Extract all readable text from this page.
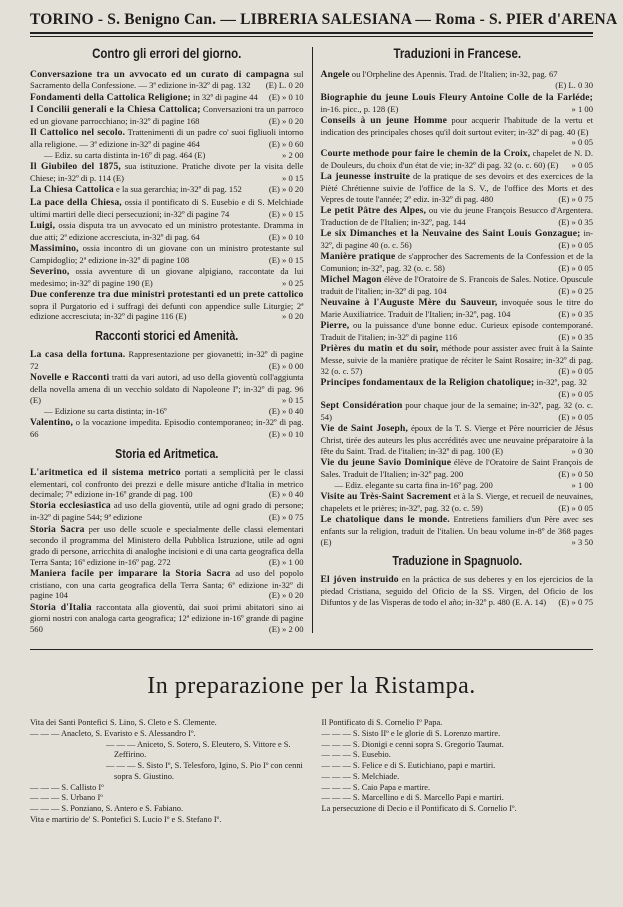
TORINO - S. Benigno Can. — LIBRERIA SALESIANA — Roma - S. PIER d'ARENA
Contro gli errori del giorno.
Conversazione tra un avvocato ed un curato di campagna sul Sacramento della Confessione. — 3ª edizione in-32º di pag. 132	(E) L. 0 20
Fondamenti della Cattolica Religione; in 32º di pagine 44	(E) » 0 10
I Concilii generali e la Chiesa Cattolica; Conversazioni tra un parroco ed un giovane parrocchiano; in-32º di pagine 168	(E) » 0 20
Il Cattolico nel secolo. Trattenimenti di un padre co' suoi figliuoli intorno alla religione. — 3ª edizione in-32º di pagine 464	(E) » 0 60
— Ediz. su carta distinta in-16º di pag. 464 (E)	» 2 00
Il Giubileo del 1875, sua istituzione. Pratiche divote per la visita delle Chiese; in-32º di p. 114 (E)	» 0 15
La Chiesa Cattolica e la sua gerarchia; in-32º di pag. 152	(E) » 0 20
La pace della Chiesa, ossia il pontificato di S. Eusebio e di S. Melchiade ultimi martiri delle dieci persecuzioni; in-32º di pagine 74	(E) » 0 15
Luigi, ossia disputa tra un avvocato ed un ministro protestante. Dramma in due atti; 2ª edizione accresciuta, in-32º di pag. 64	(E) » 0 10
Massimino, ossia incontro di un giovane con un ministro protestante sul Campidoglio; 2ª edizione in-32º di pagine 108	(E) » 0 15
Severino, ossia avventure di un giovane alpigiano, raccontate da lui medesimo; in-32º di pagine 190 (E)	» 0 25
Due conferenze tra due ministri protestanti ed un prete cattolico sopra il Purgatorio ed i suffragi dei defunti con appendice sulle Liturgie; 2ª edizione accresciuta; in-32º di pagine 116 (E)	» 0 20
Racconti storici ed Amenità.
La casa della fortuna. Rappresentazione per giovanetti; in-32º di pagine 72	(E) » 0 00
Novelle e Racconti tratti da vari autori, ad uso della gioventù coll'aggiunta della novella amena di un vecchio soldato di Napoleone Iº; in-32º di pag. 96 (E)	» 0 15
— Edizione su carta distinta; in-16º	(E) » 0 40
Valentino, o la vocazione impedita. Episodio contemporaneo; in-32º di pag. 66	(E) » 0 10
Storia ed Aritmetica.
L'aritmetica ed il sistema metrico portati a semplicità per le classi elementari, col confronto dei prezzi e delle misure antiche d'Italia in metrico decimale; 7ª edizione in-16º grande di pag. 100	(E) » 0 40
Storia ecclesiastica ad uso della gioventù, utile ad ogni grado di persone; in-32º di pagine 544; 9ª edizione	(E) » 0 75
Storia Sacra per uso delle scuole e specialmente delle classi elementari secondo il programma del Ministero della Pubblica Istruzione, utile ad ogni grado di persone, arricchita di analoghe incisioni e di una carta geografica della Terra Santa; 16ª edizione in-16º pag. 272	(E) » 1 00
Maniera facile per imparare la Storia Sacra ad uso del popolo cristiano, con una carta geografica della Terra Santa; 6ª edizione in-32º di pagine 104	(E) » 0 20
Storia d'Italia raccontata alla gioventù, dai suoi primi abitatori sino ai giorni nostri con analoga carta geografica; 12ª edizione in-16º grande di pagine 560	(E) » 2 00
Traduzioni in Francese.
Angele ou l'Orpheline des Apennis. Trad. de l'Italien; in-32, pag. 67
(E) L. 0 30
Biographie du jeune Louis Fleury Antoine Colle de la Farléde; in-16. picc., p. 128 (E)	» 1 00
Conseils à un jeune Homme pour acquerir l'habitude de la vertu et indication des principales choses qu'il doit surtout eviter; in-32º di pag. 40 (E)
» 0 05
Courte methode pour faire le chemin de la Croix, chapelet de N. D. de Douleurs, du choix d'un état de vie; in-32º di pag. 32 (o. c. 60) (E)	» 0 05
La jeunesse instruite de la pratique de ses devoirs et des exercices de la Pièté Chrétienne suivie de l'office de la S. V., de l'office des Morts et des Vepres de toute l'année; 2º ediz. in-32º di pag. 480	(E) » 0 75
Le petit Pâtre des Alpes, ou vie du jeune François Besucco d'Argentera. Traduction de de l'Italien; in-32º, pag. 144	(E) » 0 35
Le six Dimanches et la Neuvaine des Saint Louis Gonzague; in-32º, di pagine 40 (o. c. 56)	(E) » 0 05
Manière pratique de s'approcher des Sacrements de la Confession et de la Comunion; in-32º, pag. 32 (o. c. 58)	(E) » 0 05
Michel Magon élève de l'Oratoire de S. Francois de Sales. Notice. Opuscule traduit de l'italien; in-32º di pag. 104	(E) » 0 25
Neuvaine à l'Auguste Mère du Sauveur, invoquée sous le titre do Marie Auxiliatrice. Traduit de l'Italien; in-32º, pag. 104	(E) » 0 35
Pierre, ou la puissance d'une bonne educ. Curieux episode contemporané. Traduit de l'italien; in-32º di pagine 116	(E) » 0 35
Prières du matin et du soir, méthode pour assister avec fruit à la Sainte Messe, suivie de la manière pratique de réciter le Saint Rosaire; in-32º di pag. 32 (o. c. 57)	(E) » 0 05
Principes fondamentaux de la Religion chatolique; in-32º, pag. 32
(E) » 0 05
Sept Considération pour chaque jour de la semaine; in-32º, pag. 32 (o. c. 54)	(E) » 0 05
Vie de Saint Joseph, époux de la T. S. Vierge et Père nourricier de Jésus Christ, tirée des auteurs les plus accrédités avec une neuvaine préparatoire à la fête du Saint. Trad. de l'italien; in-32º di pag. 100 (E)	» 0 30
Vie du jeune Savio Dominique élève de l'Oratoire de Saint François de Sales. Traduit de l'Italien; in-32º pag. 200	(E) » 0 50
— Ediz. elegante su carta fina in-16º pag. 200	» 1 00
Visite au Très-Saint Sacrement et à la S. Vierge, et recueil de neuvaines, chapelets et le prières; in-32º, pag. 32 (o. c. 59)	(E) » 0 05
Le chatolique dans le monde. Entretiens familiers d'un Père avec ses enfants sur la religion, traduit de l'italien. Un beau volume in-8º de 368 pages (E)	» 3 50
Traduzione in Spagnuolo.
El jóven instruido en la práctica de sus deberes y en los ejercicios de la piedad Cristiana, seguido del Oficio de la SS. Virgen, del Oficio de los Difuntos y de las Visperas de todo el año; in-32º p. 480 (E. A. 14)	(E) » 0 75
In preparazione per la Ristampa.
Vita dei Santi Pontefici S. Lino, S. Cleto e S. Clemente.
— — — Anacleto, S. Evaristo e S. Alessandro Iº.
— — — Aniceto, S. Sotero, S. Eleutero, S. Vittore e S. Zeffirino.
— — — S. Sisto Iº, S. Telesforo, Igino, S. Pio Iº con cenni sopra S. Giustino.
— — — S. Callisto Iº
— — — S. Urbano Iº
— — — S. Ponziano, S. Antero e S. Fabiano.
Vita e martirio de' S. Pontefici S. Lucio Iº e S. Stefano Iº.
Il Pontificato di S. Cornelio Iº Papa.
— — — S. Sisto IIº e le glorie di S. Lorenzo martire.
— — — S. Dionigi e cenni sopra S. Gregorio Taumat.
— — — S. Eusebio.
— — — S. Felice e di S. Eutichiano, papi e martiri.
— — — S. Melchiade.
— — — S. Caio Papa e martire.
— — — S. Marcellino e di S. Marcello Papi e martiri.
La persecuzione di Decio e il Pontificato di S. Cornelio Iº.
